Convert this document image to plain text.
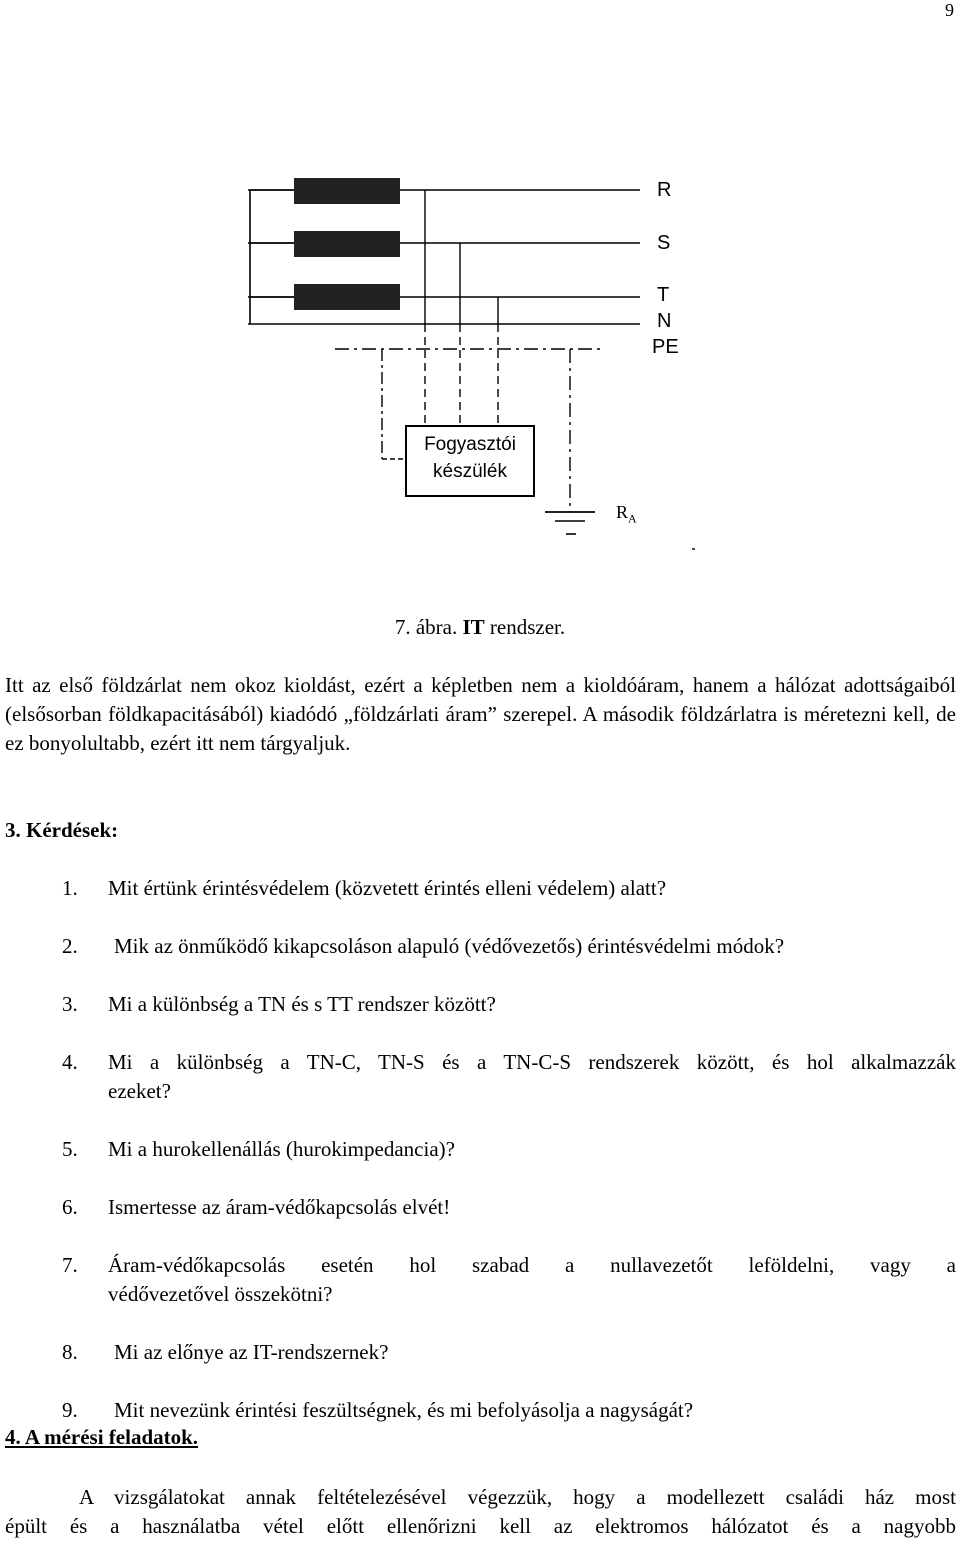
9
R
S
T
N
PE
Fogyasztói
készülék
$R_A$
7. ábra. IT rendszer.
Itt az első földzárlat nem okoz kioldást, ezért a képletben nem a kioldóáram, hanem a hálózat adottságaiból (elsősorban földkapacitásából) kiadódó „földzárlati áram” szerepel. A második földzárlatra is méretezni kell, de ez bonyolultabb, ezért itt nem tárgyaljuk.
3. Kérdések:
1.	Mit értünk érintésvédelem (közvetett érintés elleni védelem) alatt?
2.	Mik az önműködő kikapcsoláson alapuló (védővezetős) érintésvédelmi módok?
3.	Mi a különbség a TN és s TT rendszer között?
4.	Mi a különbség a TN-C, TN-S és a TN-C-S rendszerek között, és hol alkalmazzák
ezeket?
5.	Mi a hurokellenállás (hurokimpedancia)?
6.	Ismertesse az áram-védőkapcsolás elvét!
7.	Áram-védőkapcsolás esetén hol szabad a nullavezetőt leföldelni, vagy a
védővezetővel összekötni?
8.	Mi az előnye az IT-rendszernek?
9.	Mit nevezünk érintési feszültségnek, és mi befolyásolja a nagyságát?
4. A mérési feladatok.
A vizsgálatokat annak feltételezésével végezzük, hogy a modellezett családi ház most
épült és a használatba vétel előtt ellenőrizni kell az elektromos hálózatot és a nagyobb
